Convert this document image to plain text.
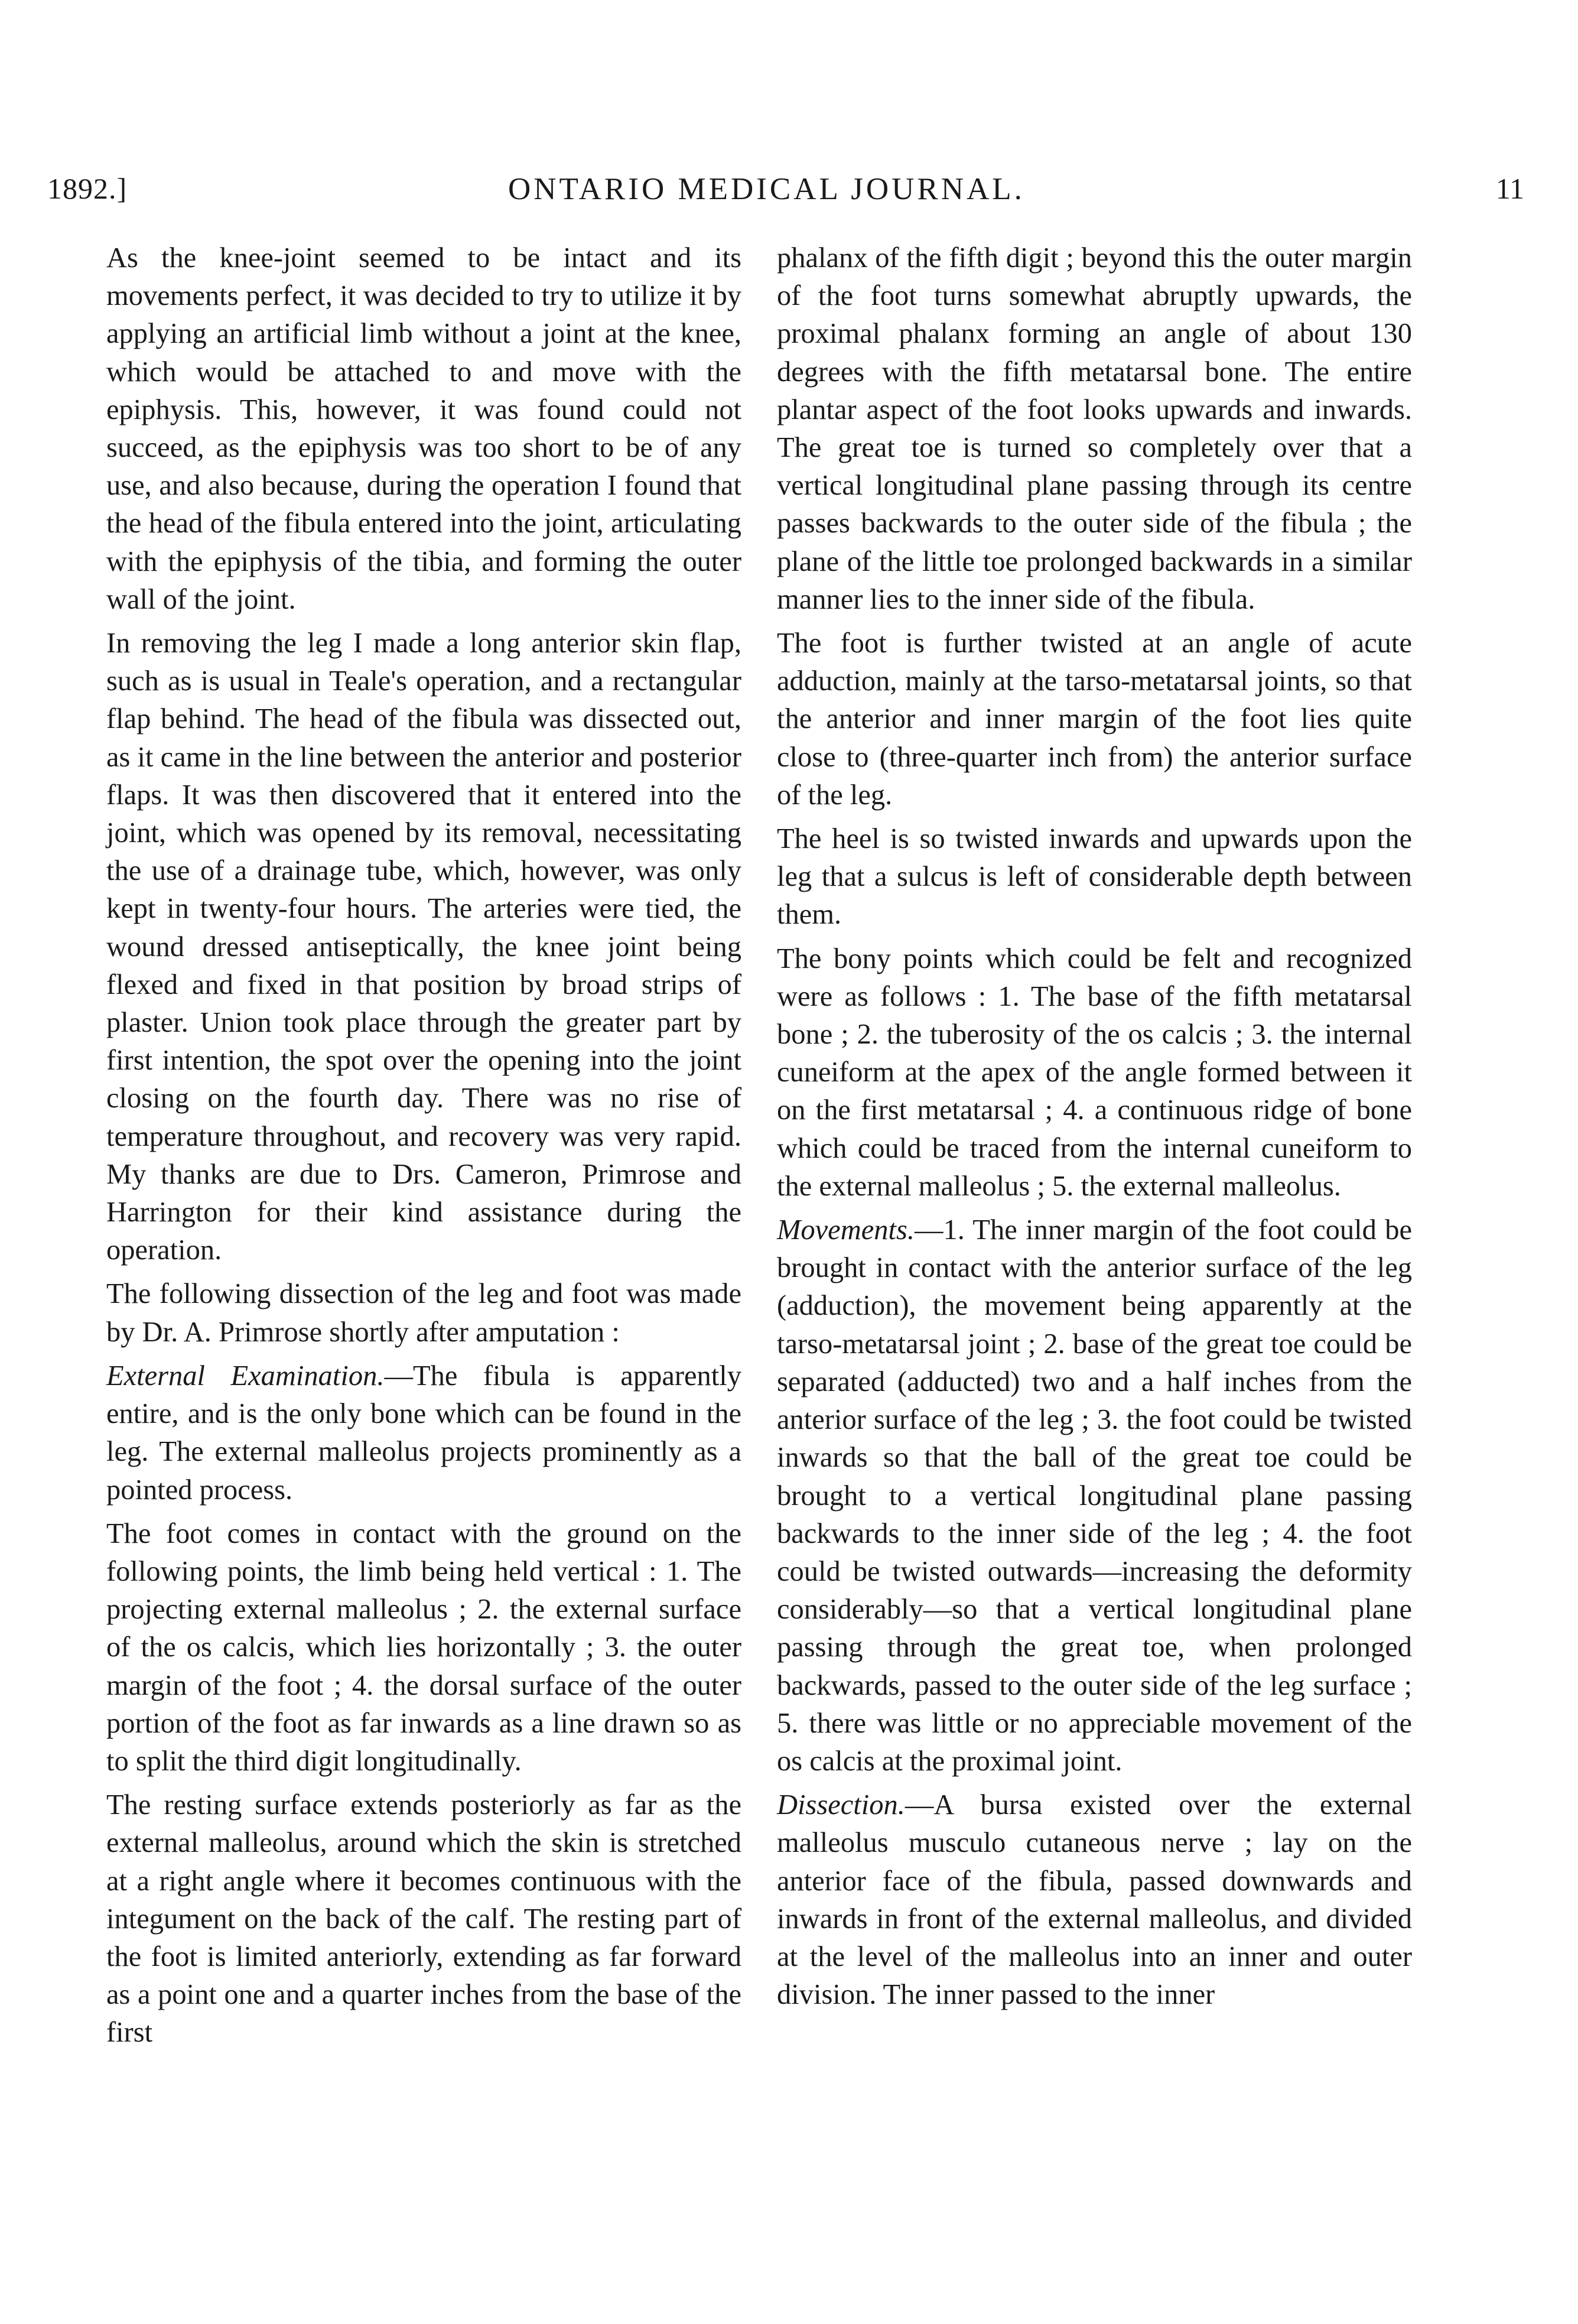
1892.]	ONTARIO MEDICAL JOURNAL.	11

As the knee-joint seemed to be intact and its movements perfect, it was decided to try to utilize it by applying an artificial limb without a joint at the knee, which would be attached to and move with the epiphysis. This, however, it was found could not succeed, as the epiphysis was too short to be of any use, and also because, during the operation I found that the head of the fibula entered into the joint, articulating with the epiphysis of the tibia, and forming the outer wall of the joint.

In removing the leg I made a long anterior skin flap, such as is usual in Teale's operation, and a rectangular flap behind. The head of the fibula was dissected out, as it came in the line between the anterior and posterior flaps. It was then discovered that it entered into the joint, which was opened by its removal, necessitating the use of a drainage tube, which, however, was only kept in twenty-four hours. The arteries were tied, the wound dressed antiseptically, the knee joint being flexed and fixed in that position by broad strips of plaster. Union took place through the greater part by first intention, the spot over the opening into the joint closing on the fourth day. There was no rise of temperature throughout, and recovery was very rapid. My thanks are due to Drs. Cameron, Primrose and Harrington for their kind assistance during the operation.

The following dissection of the leg and foot was made by Dr. A. Primrose shortly after amputation :

External Examination.—The fibula is apparently entire, and is the only bone which can be found in the leg. The external malleolus projects prominently as a pointed process.

The foot comes in contact with the ground on the following points, the limb being held vertical : 1. The projecting external malleolus ; 2. the external surface of the os calcis, which lies horizontally ; 3. the outer margin of the foot ; 4. the dorsal surface of the outer portion of the foot as far inwards as a line drawn so as to split the third digit longitudinally.

The resting surface extends posteriorly as far as the external malleolus, around which the skin is stretched at a right angle where it becomes continuous with the integument on the back of the calf. The resting part of the foot is limited anteriorly, extending as far forward as a point one and a quarter inches from the base of the first

phalanx of the fifth digit ; beyond this the outer margin of the foot turns somewhat abruptly upwards, the proximal phalanx forming an angle of about 130 degrees with the fifth metatarsal bone. The entire plantar aspect of the foot looks upwards and inwards. The great toe is turned so completely over that a vertical longitudinal plane passing through its centre passes backwards to the outer side of the fibula ; the plane of the little toe prolonged backwards in a similar manner lies to the inner side of the fibula.

The foot is further twisted at an angle of acute adduction, mainly at the tarso-metatarsal joints, so that the anterior and inner margin of the foot lies quite close to (three-quarter inch from) the anterior surface of the leg.

The heel is so twisted inwards and upwards upon the leg that a sulcus is left of considerable depth between them.

The bony points which could be felt and recognized were as follows : 1. The base of the fifth metatarsal bone ; 2. the tuberosity of the os calcis ; 3. the internal cuneiform at the apex of the angle formed between it on the first metatarsal ; 4. a continuous ridge of bone which could be traced from the internal cuneiform to the external malleolus ; 5. the external malleolus.

Movements.—1. The inner margin of the foot could be brought in contact with the anterior surface of the leg (adduction), the movement being apparently at the tarso-metatarsal joint ; 2. base of the great toe could be separated (adducted) two and a half inches from the anterior surface of the leg ; 3. the foot could be twisted inwards so that the ball of the great toe could be brought to a vertical longitudinal plane passing backwards to the inner side of the leg ; 4. the foot could be twisted outwards—increasing the deformity considerably—so that a vertical longitudinal plane passing through the great toe, when prolonged backwards, passed to the outer side of the leg surface ; 5. there was little or no appreciable movement of the os calcis at the proximal joint.

Dissection.—A bursa existed over the external malleolus musculo cutaneous nerve ; lay on the anterior face of the fibula, passed downwards and inwards in front of the external malleolus, and divided at the level of the malleolus into an inner and outer division. The inner passed to the inner
